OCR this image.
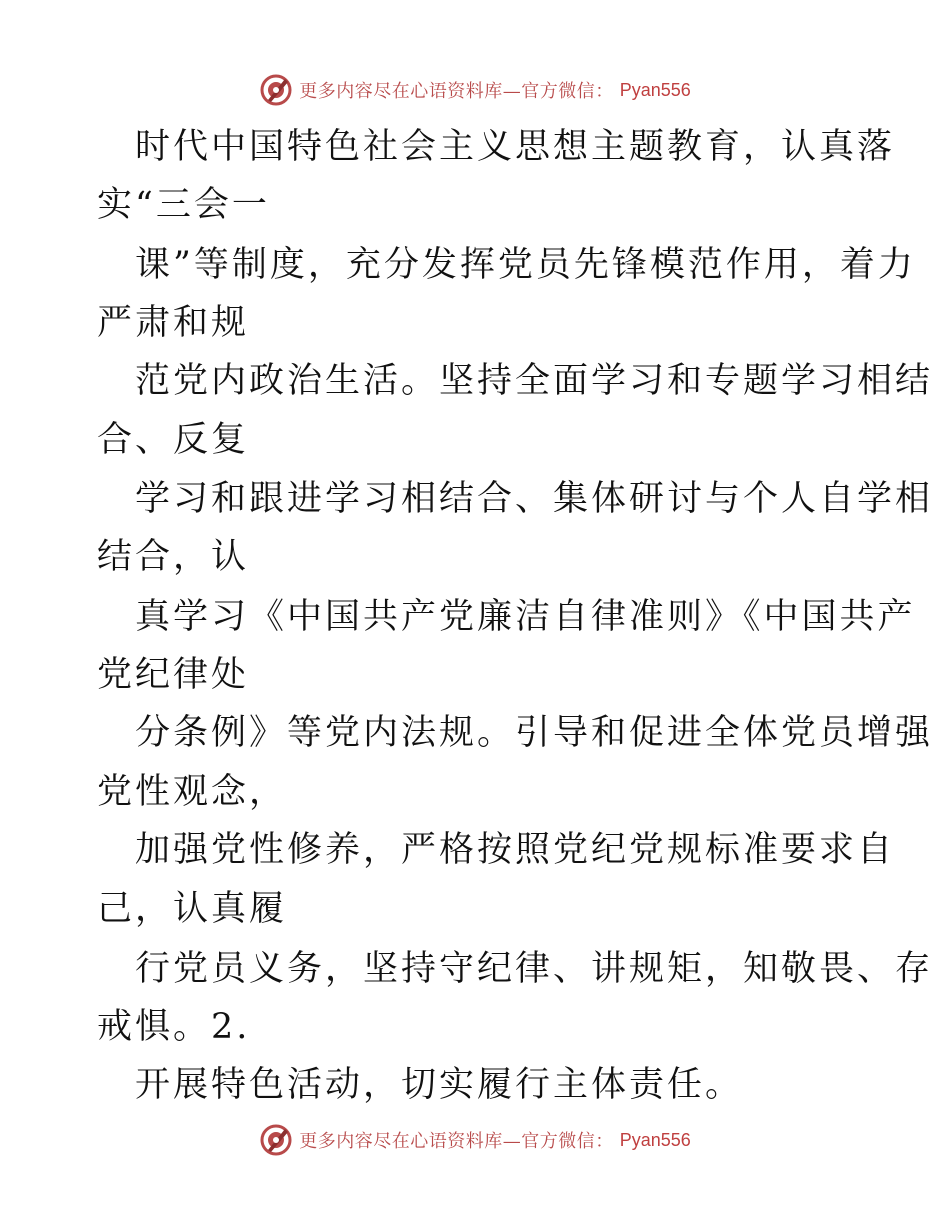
更多内容尽在心语资料库—官方微信： Pyan556
时代中国特色社会主义思想主题教育，认真落
实“三会一
课”等制度，充分发挥党员先锋模范作用，着力
严肃和规
范党内政治生活。坚持全面学习和专题学习相结
合、反复
学习和跟进学习相结合、集体研讨与个人自学相
结合，认
真学习《中国共产党廉洁自律准则》《中国共产
党纪律处
分条例》等党内法规。引导和促进全体党员增强
党性观念，
加强党性修养，严格按照党纪党规标准要求自
己，认真履
行党员义务，坚持守纪律、讲规矩，知敬畏、存
戒惧。2.
开展特色活动，切实履行主体责任。
更多内容尽在心语资料库—官方微信： Pyan556
